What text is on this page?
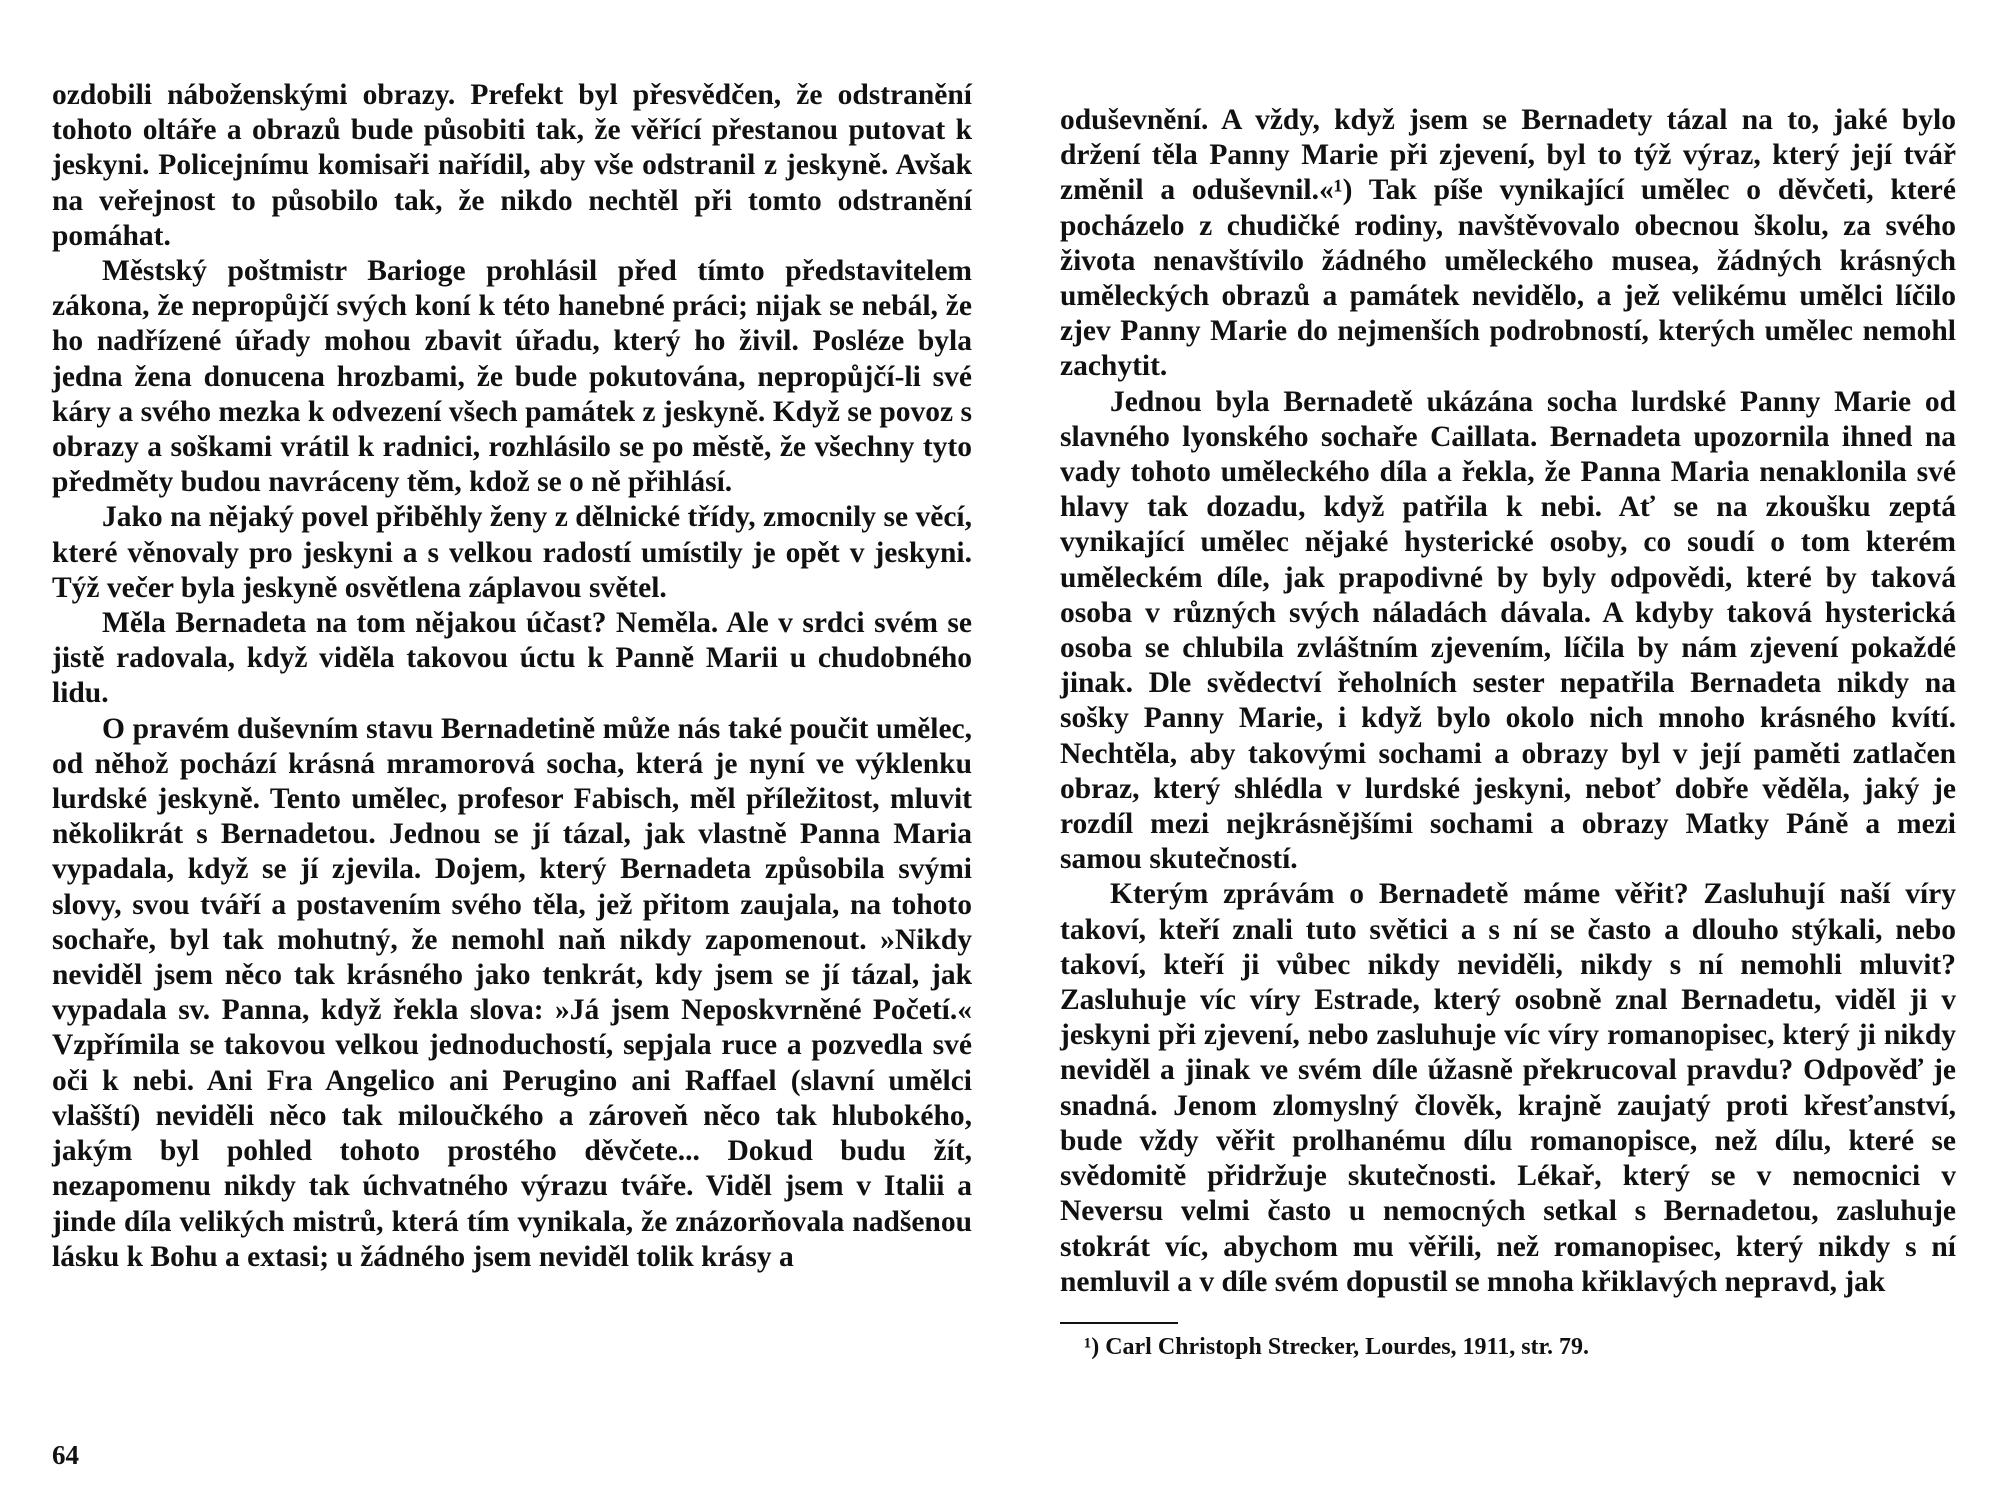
ozdobili náboženskými obrazy. Prefekt byl přesvědčen, že odstranění tohoto oltáře a obrazů bude působiti tak, že věřící přestanou putovat k jeskyni. Policejnímu komisaři nařídil, aby vše odstranil z jeskyně. Avšak na veřejnost to působilo tak, že nikdo nechtěl při tomto odstranění pomáhat.

Městský poštmistr Barioge prohlásil před tímto představitelem zákona, že nepropůjčí svých koní k této hanebné práci; nijak se nebál, že ho nadřízené úřady mohou zbavit úřadu, který ho živil. Posléze byla jedna žena donucena hrozbami, že bude pokutována, nepropůjčí-li své káry a svého mezka k odvezení všech památek z jeskyně. Když se povoz s obrazy a soškami vrátil k radnici, rozhlásilo se po městě, že všechny tyto předměty budou navráceny těm, kdož se o ně přihlásí.

Jako na nějaký povel přiběhly ženy z dělnické třídy, zmocnily se věcí, které věnovaly pro jeskyni a s velkou radostí umístily je opět v jeskyni. Týž večer byla jeskyně osvětlena záplavou světel.

Měla Bernadeta na tom nějakou účast? Neměla. Ale v srdci svém se jistě radovala, když viděla takovou úctu k Panně Marii u chudobného lidu.

O pravém duševním stavu Bernadetině může nás také poučit umělec, od něhož pochází krásná mramorová socha, která je nyní ve výklenku lurdské jeskyně. Tento umělec, profesor Fabisch, měl příležitost, mluvit několikrát s Bernadetou. Jednou se jí tázal, jak vlastně Panna Maria vypadala, když se jí zjevila. Dojem, který Bernadeta způsobila svými slovy, svou tváří a postavením svého těla, jež přitom zaujala, na tohoto sochaře, byl tak mohutný, že nemohl naň nikdy zapomenout. »Nikdy neviděl jsem něco tak krásného jako tenkrát, kdy jsem se jí tázal, jak vypadala sv. Panna, když řekla slova: »Já jsem Neposkvrněné Početí.« Vzpřímila se takovou velkou jednoduchostí, sepjala ruce a pozvedla své oči k nebi. Ani Fra Angelico ani Perugino ani Raffael (slavní umělci vlašští) neviděli něco tak miloučkého a zároveň něco tak hlubokého, jakým byl pohled tohoto prostého děvčete... Dokud budu žít, nezapomenu nikdy tak úchvatného výrazu tváře. Viděl jsem v Italii a jinde díla velikých mistrů, která tím vynikala, že znázorňovala nadšenou lásku k Bohu a extasi; u žádného jsem neviděl tolik krásy a

64

oduševnění. A vždy, když jsem se Bernadety tázal na to, jaké bylo držení těla Panny Marie při zjevení, byl to týž výraz, který její tvář změnil a oduševnil.«¹) Tak píše vynikající umělec o děvčeti, které pocházelo z chudičké rodiny, navštěvovalo obecnou školu, za svého života nenavštívilo žádného uměleckého musea, žádných krásných uměleckých obrazů a památek nevidělo, a jež velikému umělci líčilo zjev Panny Marie do nejmenších podrobností, kterých umělec nemohl zachytit.

Jednou byla Bernadetě ukázána socha lurdské Panny Marie od slavného lyonského sochaře Caillata. Bernadeta upozornila ihned na vady tohoto uměleckého díla a řekla, že Panna Maria nenaklonila své hlavy tak dozadu, když patřila k nebi. Ať se na zkoušku zeptá vynikající umělec nějaké hysterické osoby, co soudí o tom kterém uměleckém díle, jak prapodivné by byly odpovědi, které by taková osoba v různých svých náladách dávala. A kdyby taková hysterická osoba se chlubila zvláštním zjevením, líčila by nám zjevení pokaždé jinak. Dle svědectví řeholních sester nepatřila Bernadeta nikdy na sošky Panny Marie, i když bylo okolo nich mnoho krásného kvítí. Nechtěla, aby takovými sochami a obrazy byl v její paměti zatlačen obraz, který shlédla v lurdské jeskyni, neboť dobře věděla, jaký je rozdíl mezi nejkrásnějšími sochami a obrazy Matky Páně a mezi samou skutečností.

Kterým zprávám o Bernadetě máme věřit? Zasluhují naší víry takoví, kteří znali tuto světici a s ní se často a dlouho stýkali, nebo takoví, kteří ji vůbec nikdy neviděli, nikdy s ní nemohli mluvit? Zasluhuje víc víry Estrade, který osobně znal Bernadetu, viděl ji v jeskyni při zjevení, nebo zasluhuje víc víry romanopisec, který ji nikdy neviděl a jinak ve svém díle úžasně překrucoval pravdu? Odpověď je snadná. Jenom zlomyslný člověk, krajně zaujatý proti křesťanství, bude vždy věřit prolhanému dílu romanopisce, než dílu, které se svědomitě přidržuje skutečnosti. Lékař, který se v nemocnici v Neversu velmi často u nemocných setkal s Bernadetou, zasluhuje stokrát víc, abychom mu věřili, než romanopisec, který nikdy s ní nemluvil a v díle svém dopustil se mnoha křiklavých nepravd, jak

¹) Carl Christoph Strecker, Lourdes, 1911, str. 79.
